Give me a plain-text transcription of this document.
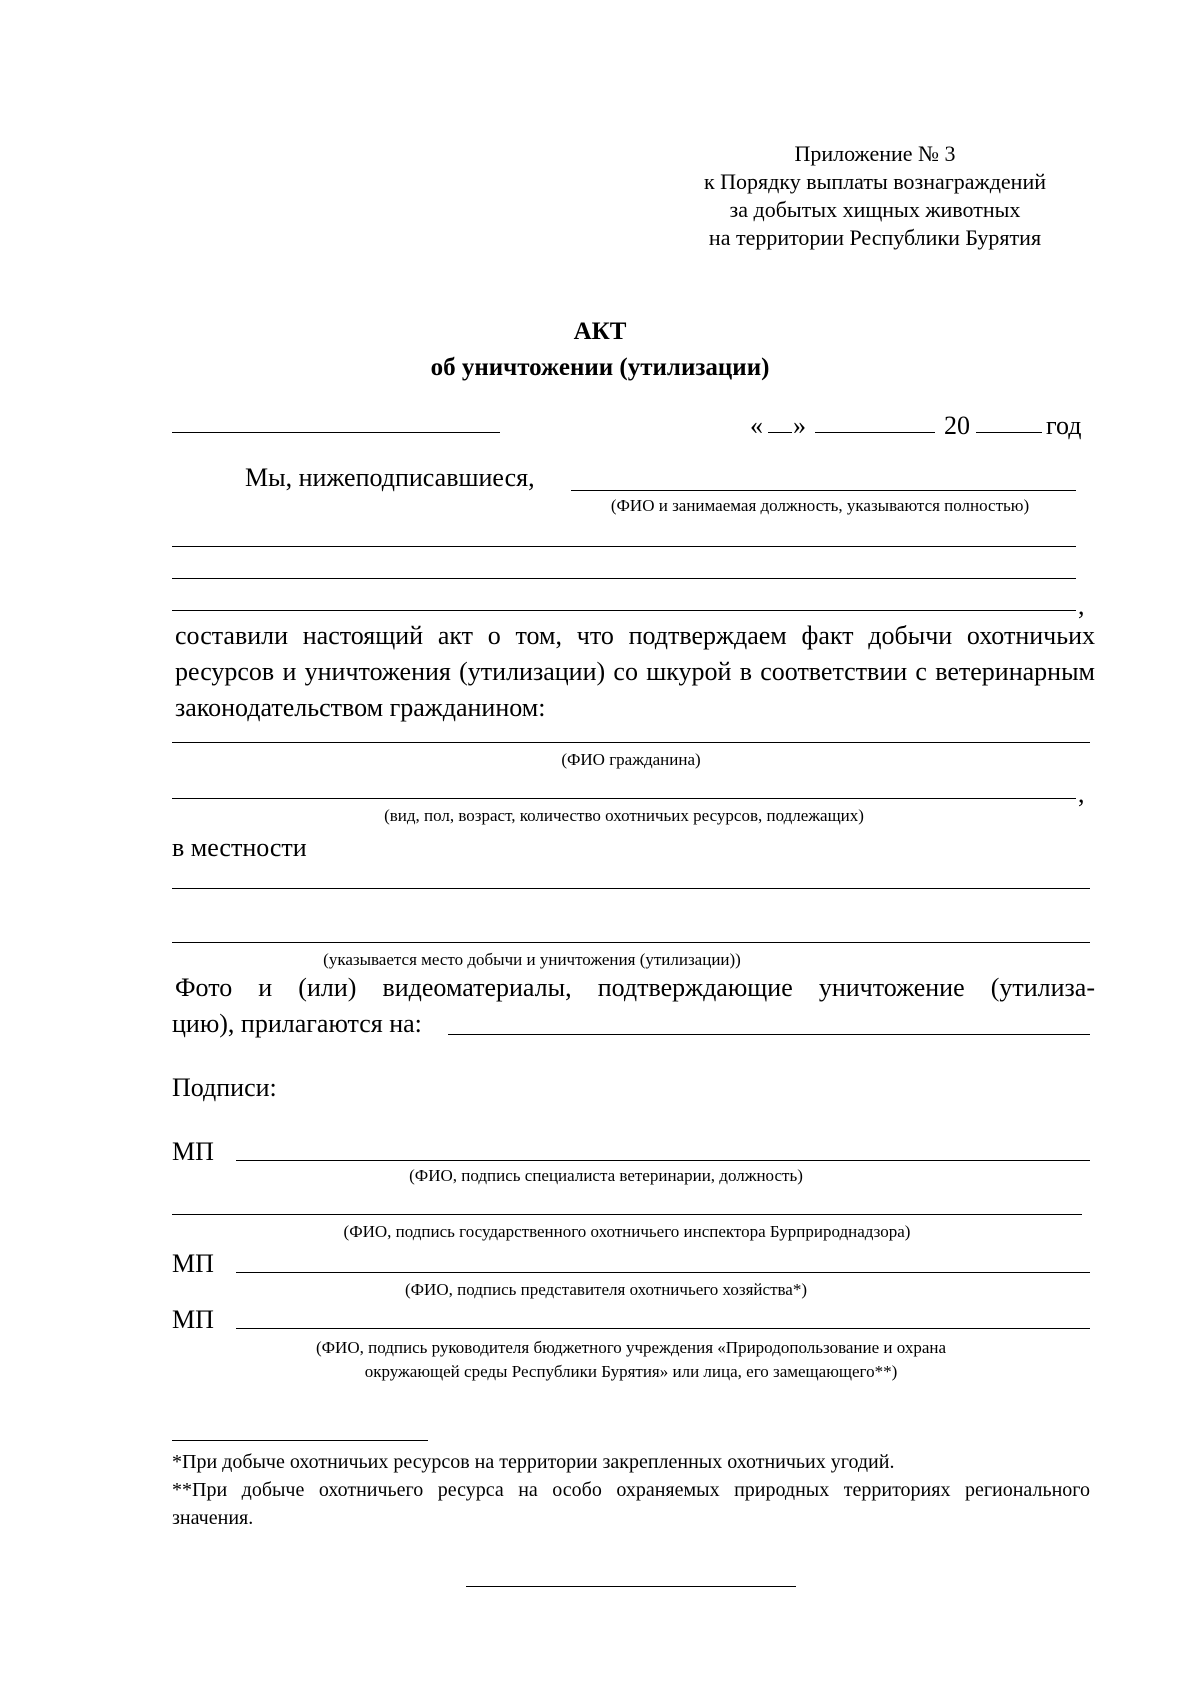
Приложение № 3
к Порядку выплаты вознаграждений
за добытых хищных животных
на территории Республики Бурятия
АКТ
об уничтожении (утилизации)
« »	20	год
Мы, нижеподписавшиеся,
(ФИО и занимаемая должность, указываются полностью)
,
составили настоящий акт о том, что подтверждаем факт добычи охотничьих ресурсов и уничтожения (утилизации) со шкурой в соответствии с ветеринарным законодательством гражданином:
(ФИО гражданина)
,
(вид, пол, возраст, количество охотничьих ресурсов, подлежащих)
в местности
(указывается место добычи и уничтожения (утилизации))
Фото и (или) видеоматериалы, подтверждающие уничтожение (утилиза-
цию), прилагаются на:
Подписи:
МП
(ФИО, подпись специалиста ветеринарии, должность)
(ФИО, подпись государственного охотничьего инспектора Бурприроднадзора)
МП
(ФИО, подпись представителя охотничьего хозяйства*)
МП
(ФИО, подпись руководителя бюджетного учреждения «Природопользование и охрана
окружающей среды Республики Бурятия» или лица, его замещающего**)
*При добыче охотничьих ресурсов на территории закрепленных охотничьих угодий.
**При добыче охотничьего ресурса на особо охраняемых природных территориях регионального значения.
